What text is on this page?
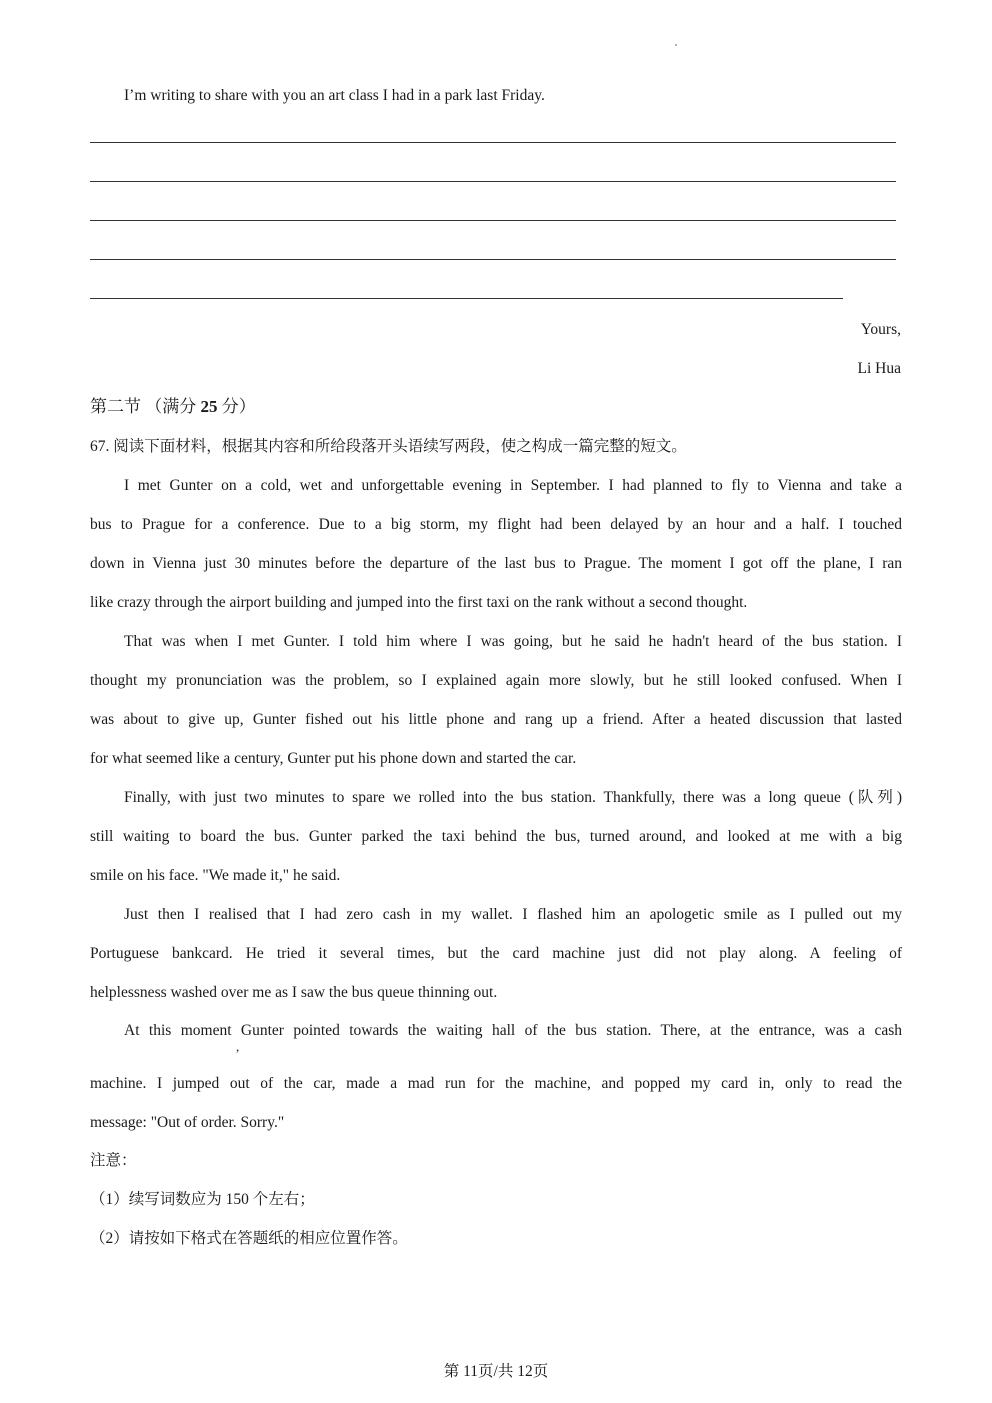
I’m writing to share with you an art class I had in a park last Friday.
Yours,
Li Hua
第二节 （满分 25 分）
67. 阅读下面材料，根据其内容和所给段落开头语续写两段，使之构成一篇完整的短文。
I met Gunter on a cold, wet and unforgettable evening in September. I had planned to fly to Vienna and take a
bus to Prague for a conference. Due to a big storm, my flight had been delayed by an hour and a half. I touched
down in Vienna just 30 minutes before the departure of the last bus to Prague. The moment I got off the plane, I ran
like crazy through the airport building and jumped into the first taxi on the rank without a second thought.
That was when I met Gunter. I told him where I was going, but he said he hadn't heard of the bus station. I
thought my pronunciation was the problem, so I explained again more slowly, but he still looked confused. When I
was about to give up, Gunter fished out his little phone and rang up a friend. After a heated discussion that lasted
for what seemed like a century, Gunter put his phone down and started the car.
Finally, with just two minutes to spare we rolled into the bus station. Thankfully, there was a long queue (队列)
still waiting to board the bus. Gunter parked the taxi behind the bus, turned around, and looked at me with a big
smile on his face. "We made it," he said.
Just then I realised that I had zero cash in my wallet. I flashed him an apologetic smile as I pulled out my
Portuguese bankcard. He tried it several times, but the card machine just did not play along. A feeling of
helplessness washed over me as I saw the bus queue thinning out.
At this moment Gunter pointed towards the waiting hall of the bus station. There, at the entrance, was a cash
,
machine. I jumped out of the car, made a mad run for the machine, and popped my card in, only to read the
message: "Out of order. Sorry."
注意：
（1）续写词数应为 150 个左右；
（2）请按如下格式在答题纸的相应位置作答。
第 11页/共 12页
